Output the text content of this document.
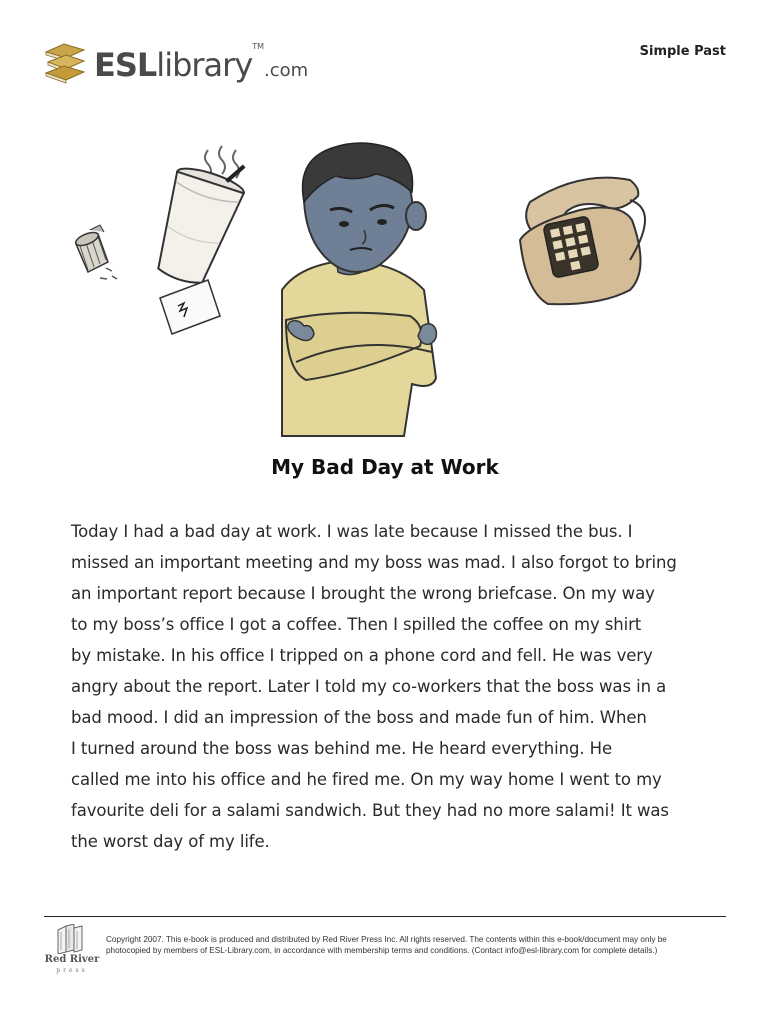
ESLlibrary™.com
Simple Past
My Bad Day at Work
Today I had a bad day at work. I was late because I missed the bus. I
missed an important meeting and my boss was mad. I also forgot to bring
an important report because I brought the wrong briefcase. On my way
to my boss’s office I got a coffee. Then I spilled the coffee on my shirt
by mistake. In his office I tripped on a phone cord and fell. He was very
angry about the report. Later I told my co-workers that the boss was in a
bad mood. I did an impression of the boss and made fun of him. When
I turned around the boss was behind me. He heard everything. He
called me into his office and he fired me. On my way home I went to my
favourite deli for a salami sandwich. But they had no more salami! It was
the worst day of my life.
Red River
press
Copyright 2007. This e-book is produced and distributed by Red River Press Inc. All rights reserved. The contents within this e-book/document may only be
photocopied by members of ESL-Library.com, in accordance with membership terms and conditions. (Contact info@esl-library.com for complete details.)
